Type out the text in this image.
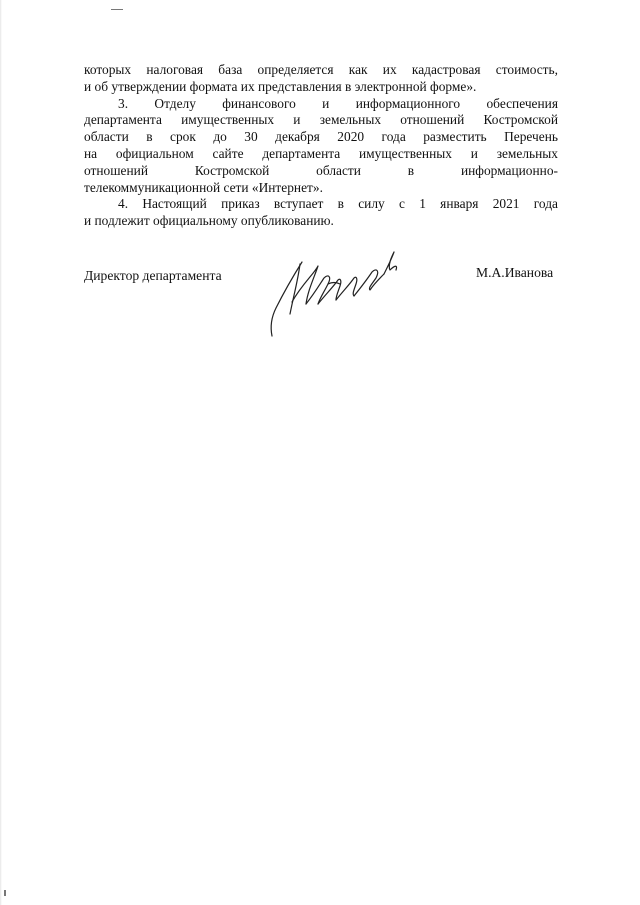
которых налоговая база определяется как их кадастровая стоимость,
и об утверждении формата их представления в электронной форме».
3. Отделу финансового и информационного обеспечения
департамента имущественных и земельных отношений Костромской
области в срок до 30 декабря 2020 года разместить Перечень
на официальном сайте департамента имущественных и земельных
отношений Костромской области в информационно-
телекоммуникационной сети «Интернет».
4. Настоящий приказ вступает в силу с 1 января 2021 года
и подлежит официальному опубликованию.
Директор департамента	М.А.Иванова
